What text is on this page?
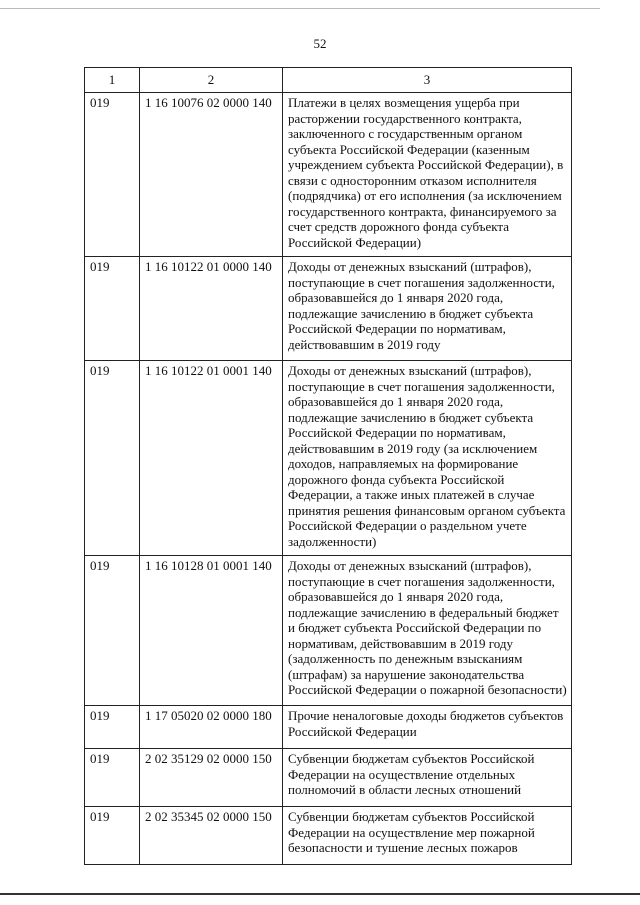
52
1	2	3
019	1 16 10076 02 0000 140	Платежи в целях возмещения ущерба при расторжении государственного контракта, заключенного с государственным органом субъекта Российской Федерации (казенным учреждением субъекта Российской Федерации), в связи с односторонним отказом исполнителя (подрядчика) от его исполнения (за исключением государственного контракта, финансируемого за счет средств дорожного фонда субъекта Российской Федерации)
019	1 16 10122 01 0000 140	Доходы от денежных взысканий (штрафов), поступающие в счет погашения задолженности, образовавшейся до 1 января 2020 года, подлежащие зачислению в бюджет субъекта Российской Федерации по нормативам, действовавшим в 2019 году
019	1 16 10122 01 0001 140	Доходы от денежных взысканий (штрафов), поступающие в счет погашения задолженности, образовавшейся до 1 января 2020 года, подлежащие зачислению в бюджет субъекта Российской Федерации по нормативам, действовавшим в 2019 году (за исключением доходов, направляемых на формирование дорожного фонда субъекта Российской Федерации, а также иных платежей в случае принятия решения финансовым органом субъекта Российской Федерации о раздельном учете задолженности)
019	1 16 10128 01 0001 140	Доходы от денежных взысканий (штрафов), поступающие в счет погашения задолженности, образовавшейся до 1 января 2020 года, подлежащие зачислению в федеральный бюджет и бюджет субъекта Российской Федерации по нормативам, действовавшим в 2019 году (задолженность по денежным взысканиям (штрафам) за нарушение законодательства Российской Федерации о пожарной безопасности)
019	1 17 05020 02 0000 180	Прочие неналоговые доходы бюджетов субъектов Российской Федерации
019	2 02 35129 02 0000 150	Субвенции бюджетам субъектов Российской Федерации на осуществление отдельных полномочий в области лесных отношений
019	2 02 35345 02 0000 150	Субвенции бюджетам субъектов Российской Федерации на осуществление мер пожарной безопасности и тушение лесных пожаров
